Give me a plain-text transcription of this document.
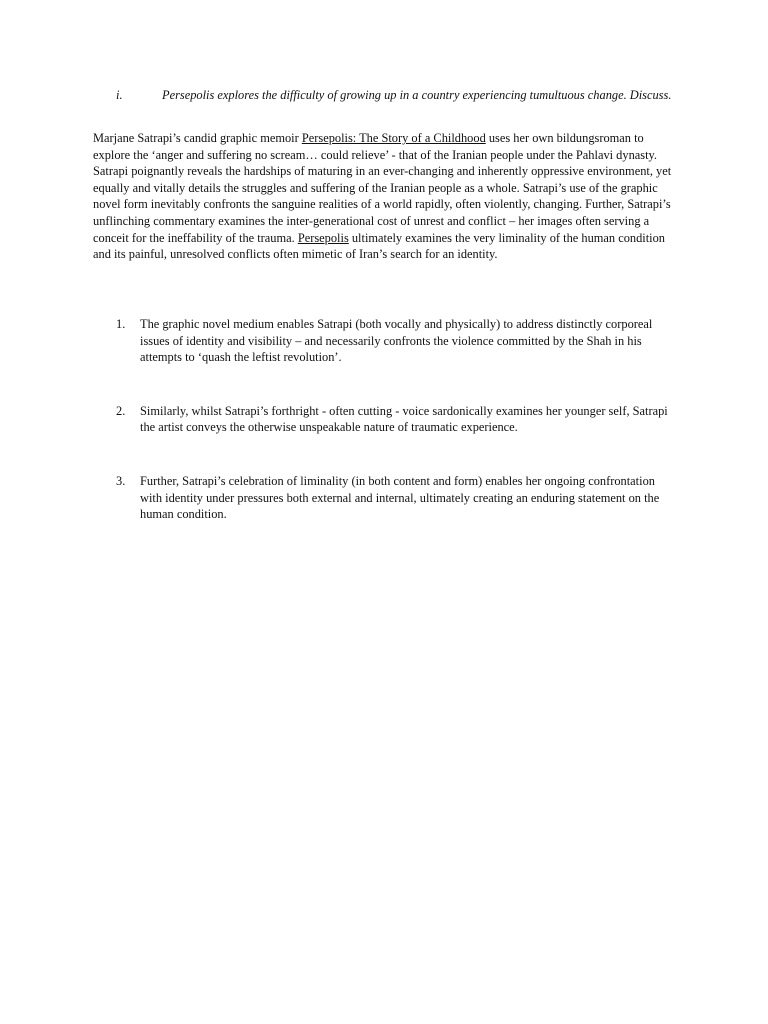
i.	Persepolis explores the difficulty of growing up in a country experiencing tumultuous change. Discuss.

Marjane Satrapi’s candid graphic memoir Persepolis: The Story of a Childhood uses her own bildungsroman to explore the ‘anger and suffering no scream… could relieve’ - that of the Iranian people under the Pahlavi dynasty. Satrapi poignantly reveals the hardships of maturing in an ever-changing and inherently oppressive environment, yet equally and vitally details the struggles and suffering of the Iranian people as a whole. Satrapi’s use of the graphic novel form inevitably confronts the sanguine realities of a world rapidly, often violently, changing. Further, Satrapi’s unflinching commentary examines the inter-generational cost of unrest and conflict – her images often serving a conceit for the ineffability of the trauma. Persepolis ultimately examines the very liminality of the human condition and its painful, unresolved conflicts often mimetic of Iran’s search for an identity.

1.	The graphic novel medium enables Satrapi (both vocally and physically) to address distinctly corporeal issues of identity and visibility – and necessarily confronts the violence committed by the Shah in his attempts to ‘quash the leftist revolution’.
2.	Similarly, whilst Satrapi’s forthright - often cutting - voice sardonically examines her younger self, Satrapi the artist conveys the otherwise unspeakable nature of traumatic experience.
3.	Further, Satrapi’s celebration of liminality (in both content and form) enables her ongoing confrontation with identity under pressures both external and internal, ultimately creating an enduring statement on the human condition.
